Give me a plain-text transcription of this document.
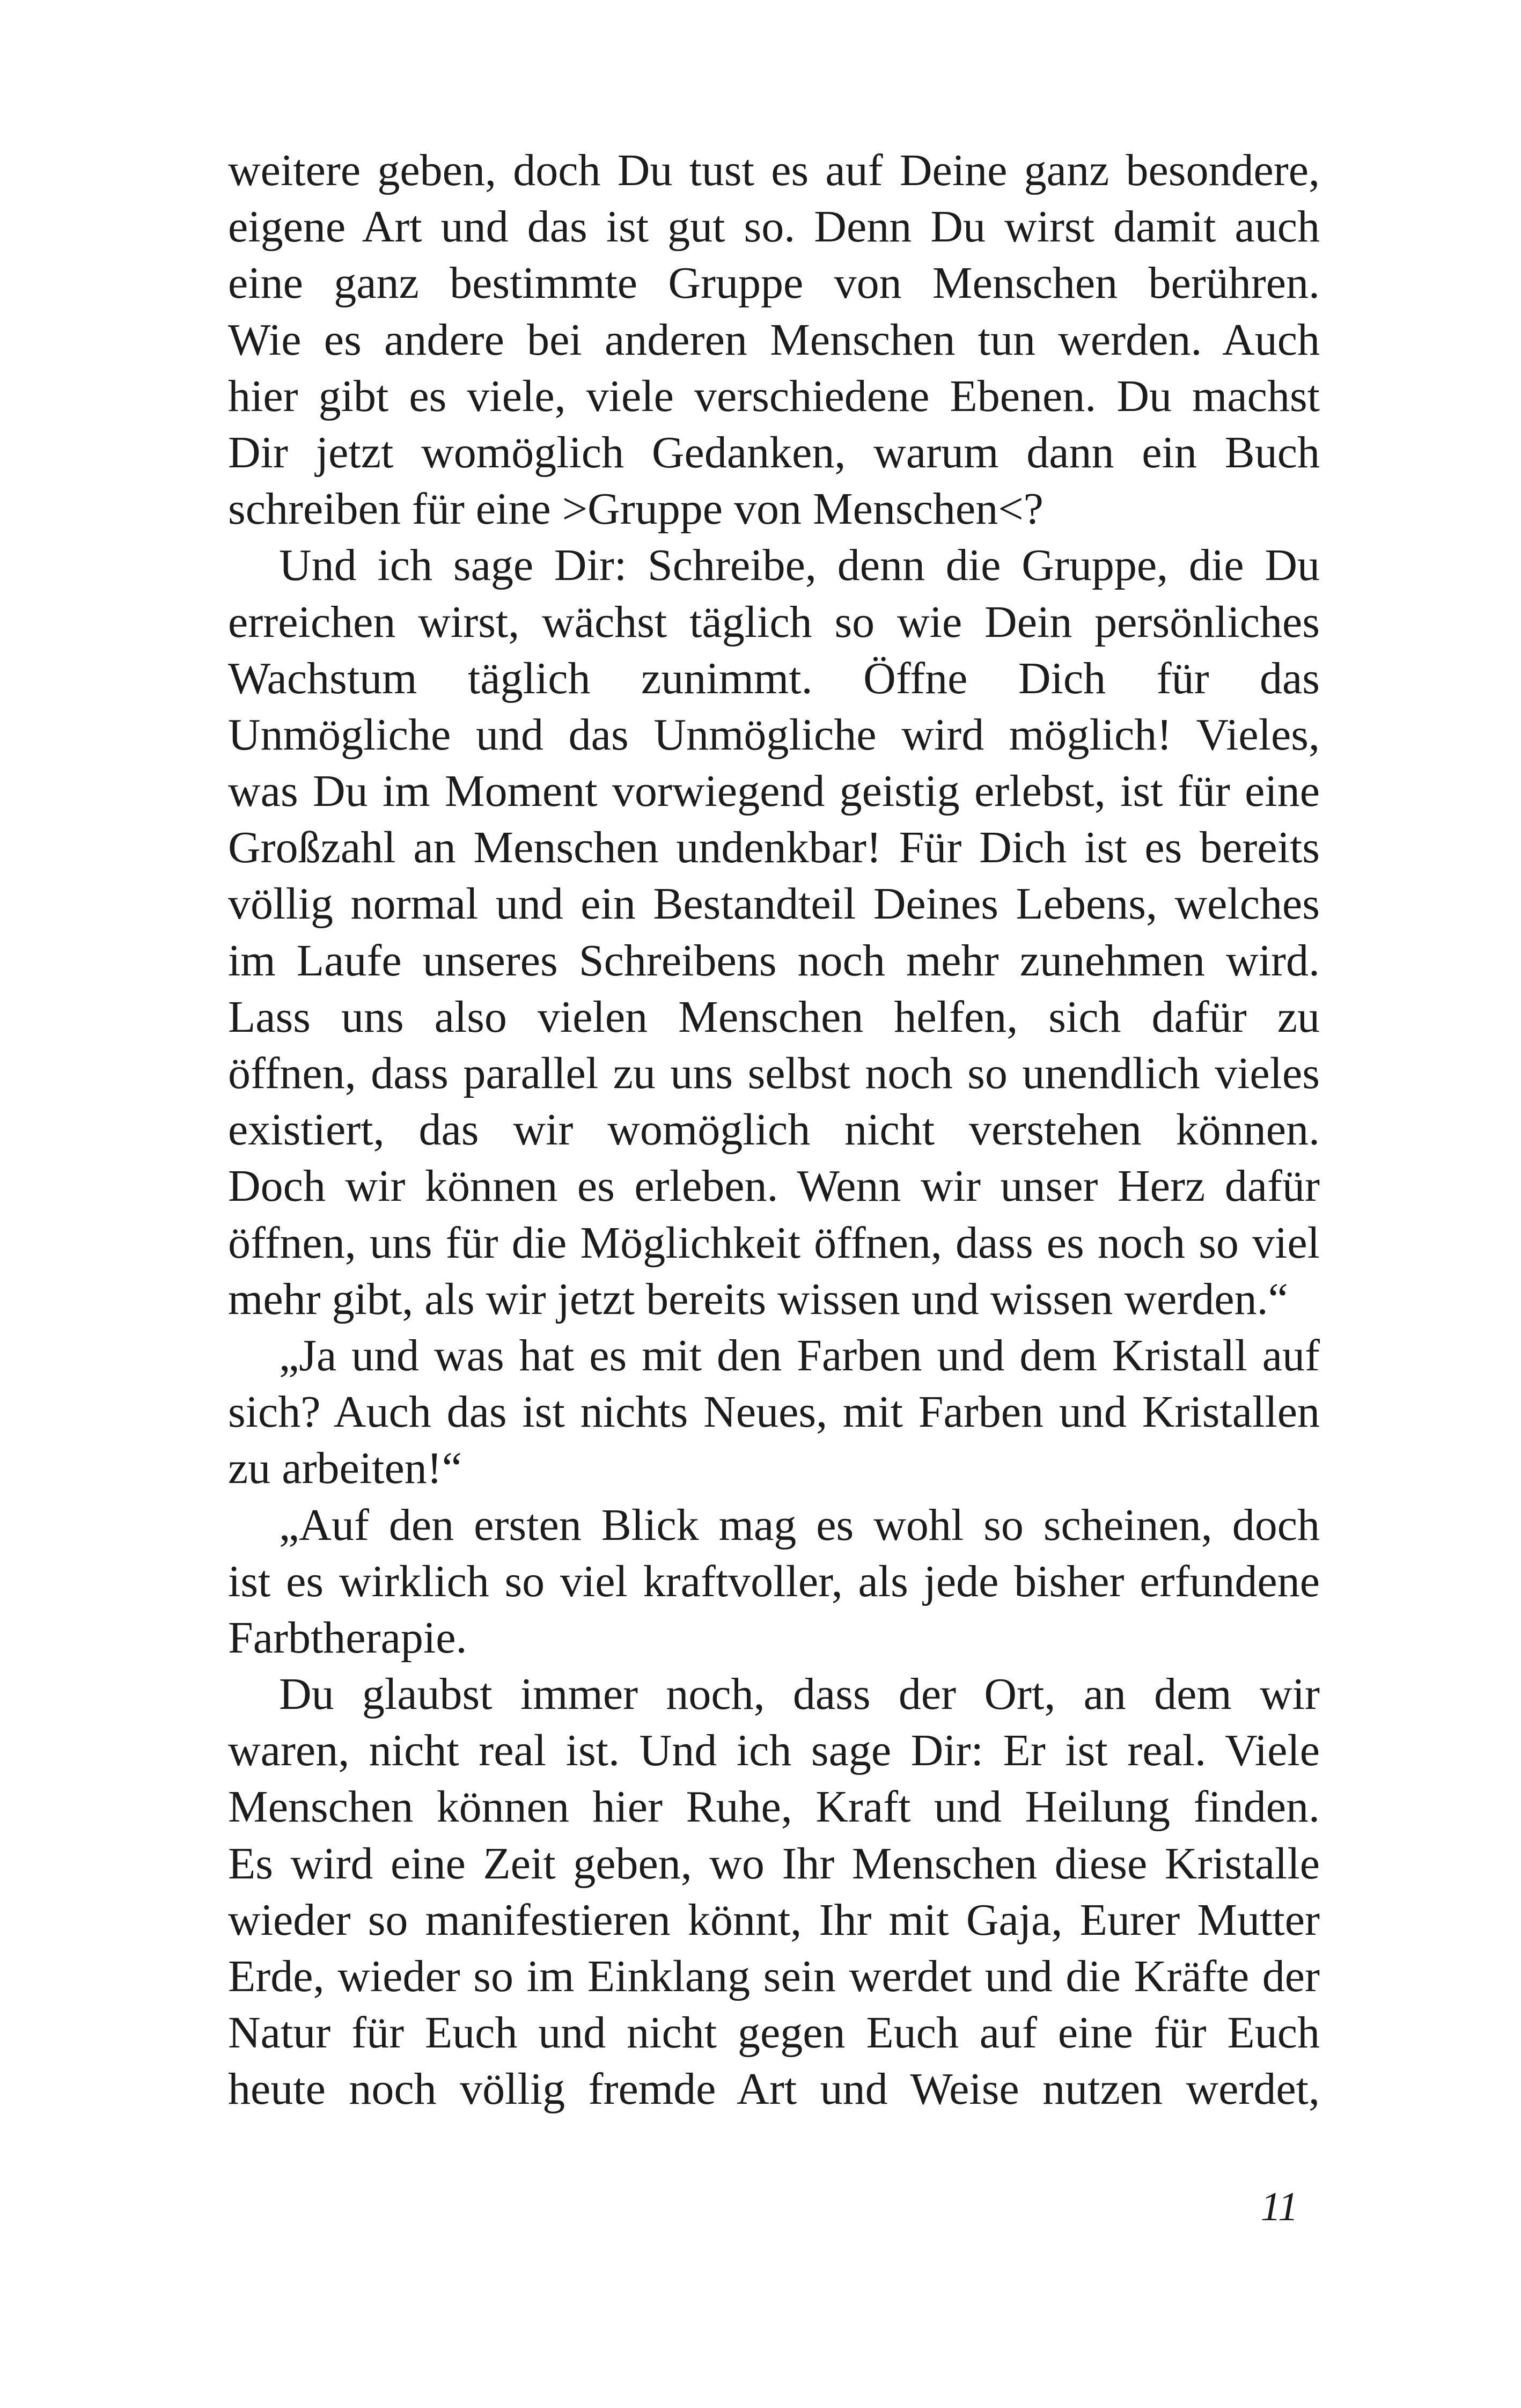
weitere geben, doch Du tust es auf Deine ganz besondere,
eigene Art und das ist gut so. Denn Du wirst damit auch
eine ganz bestimmte Gruppe von Menschen berühren.
Wie es andere bei anderen Menschen tun werden. Auch
hier gibt es viele, viele verschiedene Ebenen. Du machst
Dir jetzt womöglich Gedanken, warum dann ein Buch
schreiben für eine >Gruppe von Menschen<?
Und ich sage Dir: Schreibe, denn die Gruppe, die Du
erreichen wirst, wächst täglich so wie Dein persönliches
Wachstum täglich zunimmt. Öffne Dich für das
Unmögliche und das Unmögliche wird möglich! Vieles,
was Du im Moment vorwiegend geistig erlebst, ist für eine
Großzahl an Menschen undenkbar! Für Dich ist es bereits
völlig normal und ein Bestandteil Deines Lebens, welches
im Laufe unseres Schreibens noch mehr zunehmen wird.
Lass uns also vielen Menschen helfen, sich dafür zu
öffnen, dass parallel zu uns selbst noch so unendlich vieles
existiert, das wir womöglich nicht verstehen können.
Doch wir können es erleben. Wenn wir unser Herz dafür
öffnen, uns für die Möglichkeit öffnen, dass es noch so viel
mehr gibt, als wir jetzt bereits wissen und wissen werden.“
„Ja und was hat es mit den Farben und dem Kristall auf
sich? Auch das ist nichts Neues, mit Farben und Kristallen
zu arbeiten!“
„Auf den ersten Blick mag es wohl so scheinen, doch
ist es wirklich so viel kraftvoller, als jede bisher erfundene
Farbtherapie.
Du glaubst immer noch, dass der Ort, an dem wir
waren, nicht real ist. Und ich sage Dir: Er ist real. Viele
Menschen können hier Ruhe, Kraft und Heilung finden.
Es wird eine Zeit geben, wo Ihr Menschen diese Kristalle
wieder so manifestieren könnt, Ihr mit Gaja, Eurer Mutter
Erde, wieder so im Einklang sein werdet und die Kräfte der
Natur für Euch und nicht gegen Euch auf eine für Euch
heute noch völlig fremde Art und Weise nutzen werdet,
11
